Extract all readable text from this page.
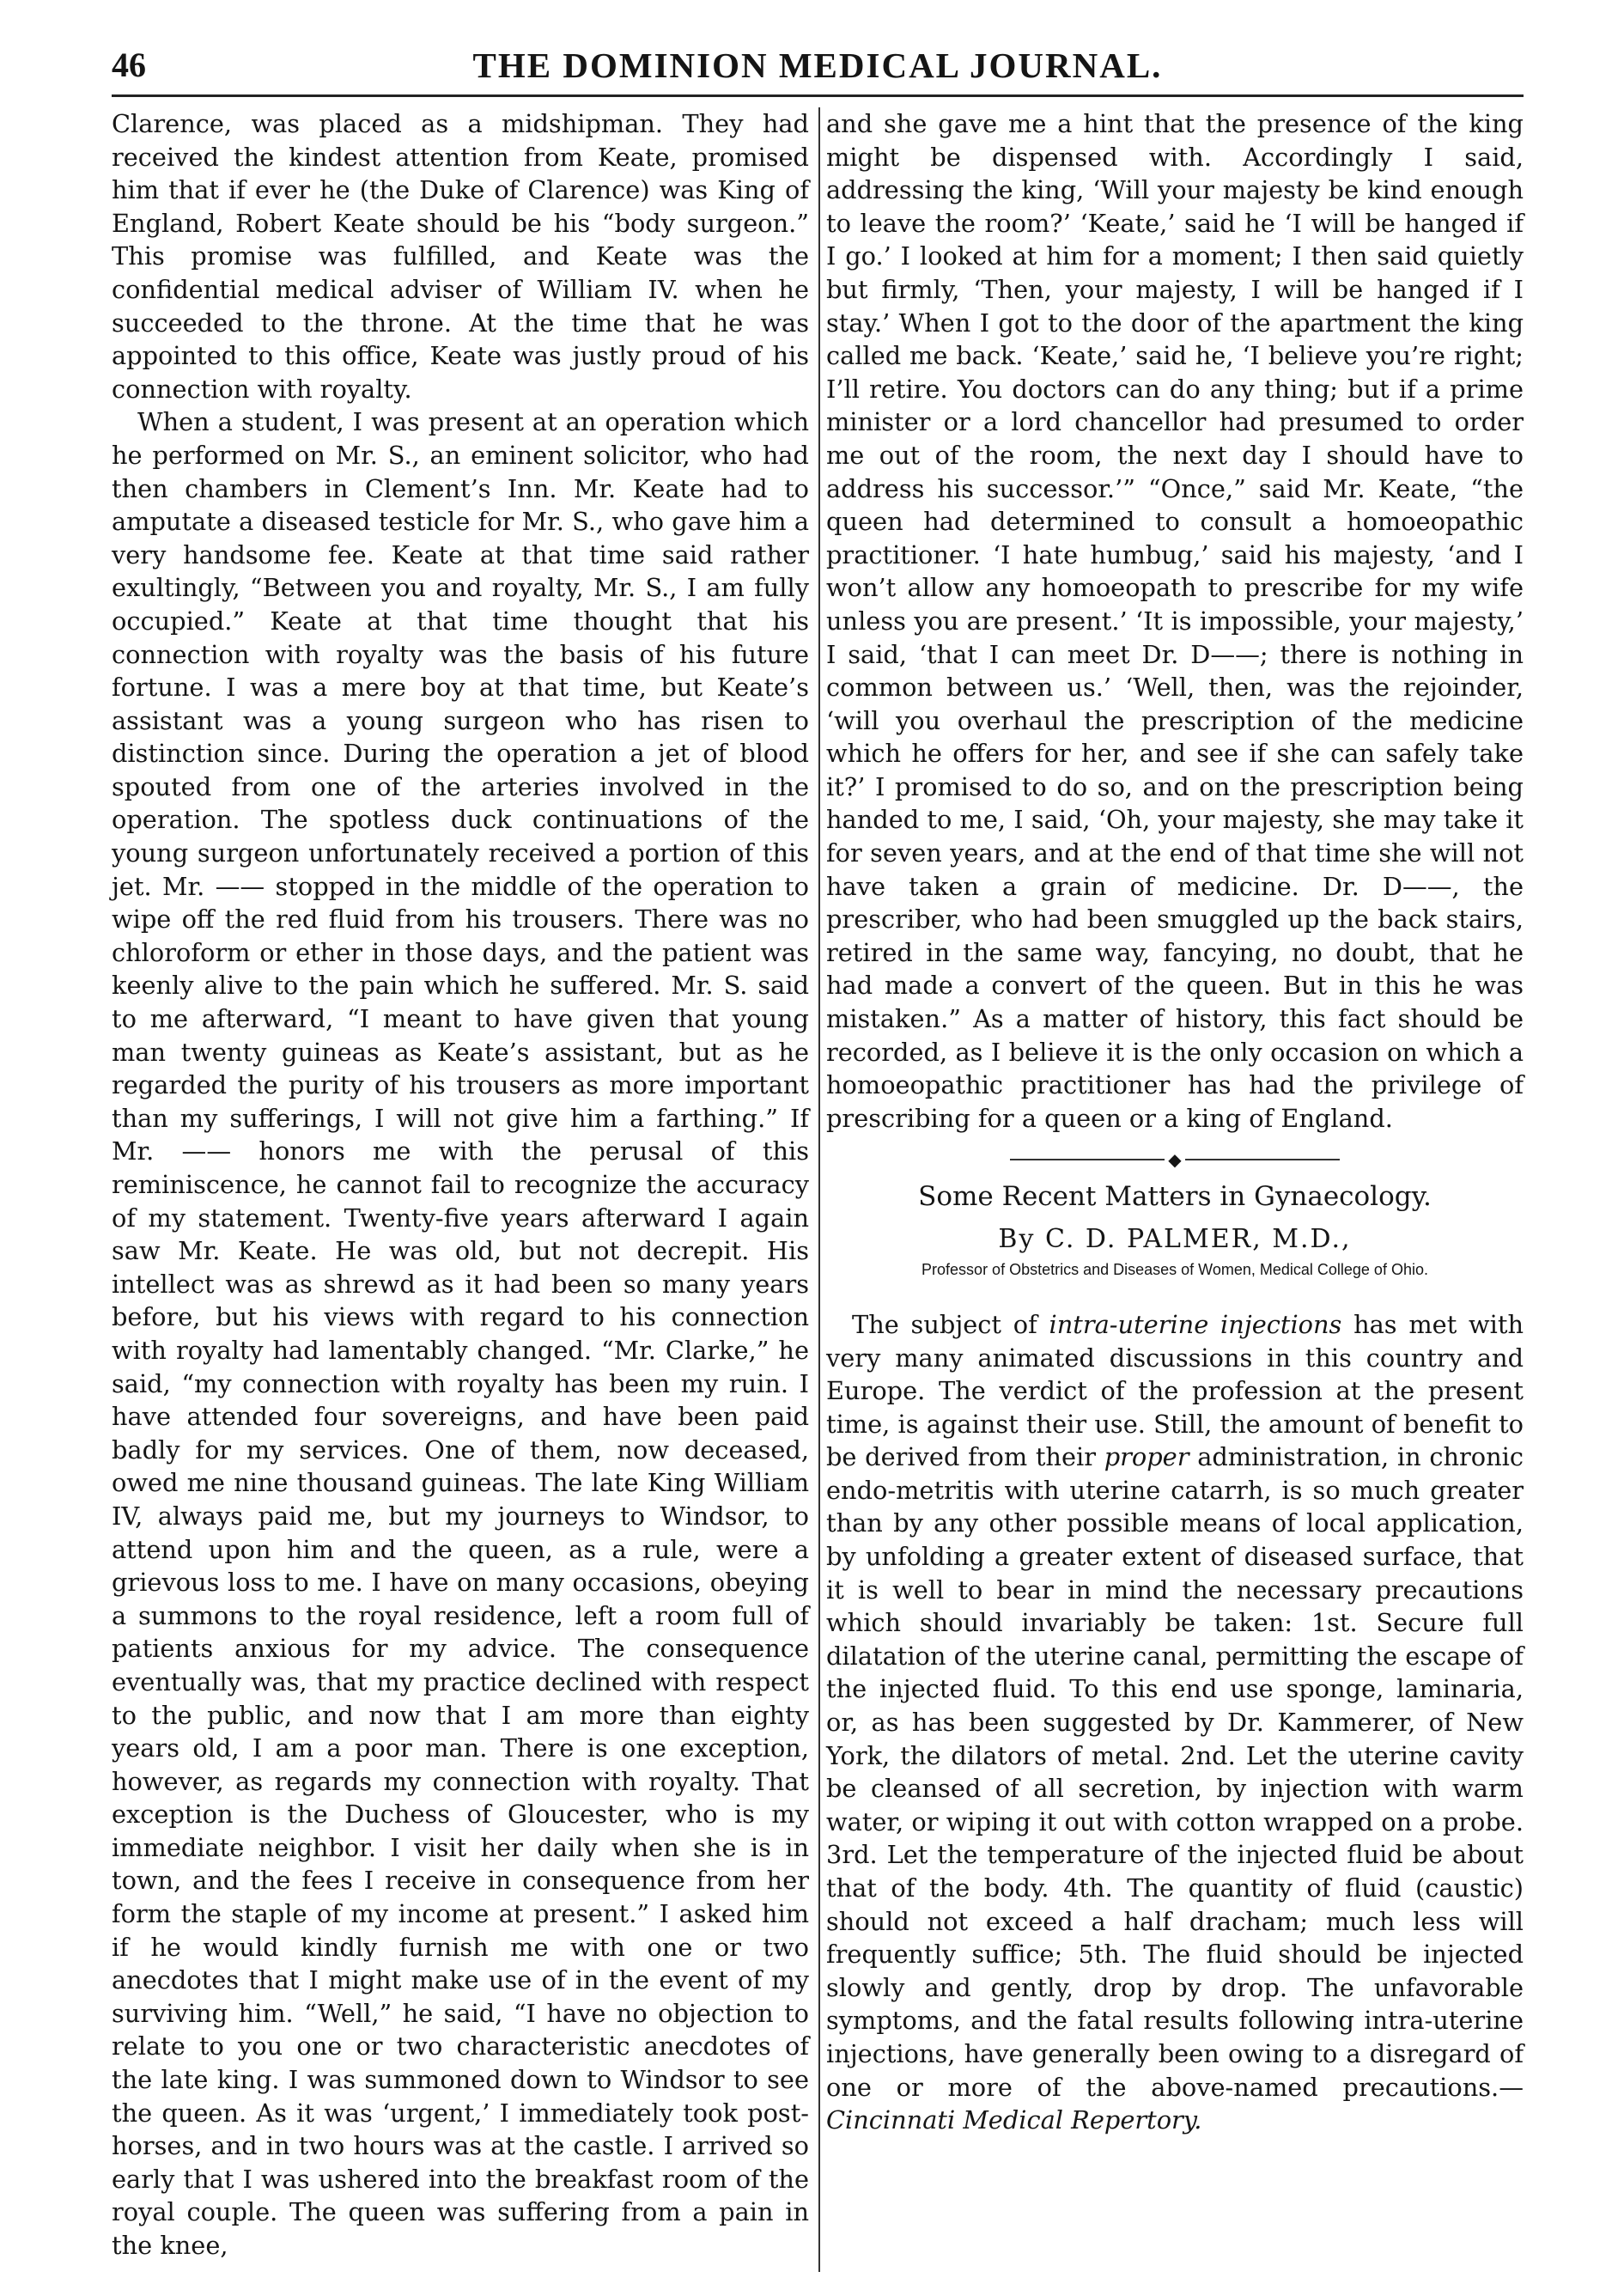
46	THE DOMINION MEDICAL JOURNAL.

Clarence, was placed as a midshipman. They had received the kindest attention from Keate, promised him that if ever he (the Duke of Clarence) was King of England, Robert Keate should be his “body surgeon.” This promise was fulfilled, and Keate was the confidential medical adviser of William IV. when he succeeded to the throne. At the time that he was appointed to this office, Keate was justly proud of his connection with royalty.

When a student, I was present at an operation which he performed on Mr. S., an eminent solicitor, who had then chambers in Clement’s Inn. Mr. Keate had to amputate a diseased testicle for Mr. S., who gave him a very handsome fee. Keate at that time said rather exultingly, “Between you and royalty, Mr. S., I am fully occupied.” Keate at that time thought that his connection with royalty was the basis of his future fortune. I was a mere boy at that time, but Keate’s assistant was a young surgeon who has risen to distinction since. During the operation a jet of blood spouted from one of the arteries involved in the operation. The spotless duck continuations of the young surgeon unfortunately received a portion of this jet. Mr. —— stopped in the middle of the operation to wipe off the red fluid from his trousers. There was no chloroform or ether in those days, and the patient was keenly alive to the pain which he suffered. Mr. S. said to me afterward, “I meant to have given that young man twenty guineas as Keate’s assistant, but as he regarded the purity of his trousers as more important than my sufferings, I will not give him a farthing.” If Mr. —— honors me with the perusal of this reminiscence, he cannot fail to recognize the accuracy of my statement. Twenty-five years afterward I again saw Mr. Keate. He was old, but not decrepit. His intellect was as shrewd as it had been so many years before, but his views with regard to his connection with royalty had lamentably changed. “Mr. Clarke,” he said, “my connection with royalty has been my ruin. I have attended four sovereigns, and have been paid badly for my services. One of them, now deceased, owed me nine thousand guineas. The late King William IV, always paid me, but my journeys to Windsor, to attend upon him and the queen, as a rule, were a grievous loss to me. I have on many occasions, obeying a summons to the royal residence, left a room full of patients anxious for my advice. The consequence eventually was, that my practice declined with respect to the public, and now that I am more than eighty years old, I am a poor man. There is one exception, however, as regards my connection with royalty. That exception is the Duchess of Gloucester, who is my immediate neighbor. I visit her daily when she is in town, and the fees I receive in consequence from her form the staple of my income at present.” I asked him if he would kindly furnish me with one or two anecdotes that I might make use of in the event of my surviving him. “Well,” he said, “I have no objection to relate to you one or two characteristic anecdotes of the late king. I was summoned down to Windsor to see the queen. As it was ‘urgent,’ I immediately took post-horses, and in two hours was at the castle. I arrived so early that I was ushered into the breakfast room of the royal couple. The queen was suffering from a pain in the knee,

and she gave me a hint that the presence of the king might be dispensed with. Accordingly I said, addressing the king, ‘Will your majesty be kind enough to leave the room?’ ‘Keate,’ said he ‘I will be hanged if I go.’ I looked at him for a moment; I then said quietly but firmly, ‘Then, your majesty, I will be hanged if I stay.’ When I got to the door of the apartment the king called me back. ‘Keate,’ said he, ‘I believe you’re right; I’ll retire. You doctors can do any thing; but if a prime minister or a lord chancellor had presumed to order me out of the room, the next day I should have to address his successor.’” “Once,” said Mr. Keate, “the queen had determined to consult a homoeopathic practitioner. ‘I hate humbug,’ said his majesty, ‘and I won’t allow any homoeopath to prescribe for my wife unless you are present.’ ‘It is impossible, your majesty,’ I said, ‘that I can meet Dr. D——; there is nothing in common between us.’ ‘Well, then, was the rejoinder, ‘will you overhaul the prescription of the medicine which he offers for her, and see if she can safely take it?’ I promised to do so, and on the prescription being handed to me, I said, ‘Oh, your majesty, she may take it for seven years, and at the end of that time she will not have taken a grain of medicine. Dr. D——, the prescriber, who had been smuggled up the back stairs, retired in the same way, fancying, no doubt, that he had made a convert of the queen. But in this he was mistaken.” As a matter of history, this fact should be recorded, as I believe it is the only occasion on which a homoeopathic practitioner has had the privilege of prescribing for a queen or a king of England.

◆
Some Recent Matters in Gynaecology.
By C. D. PALMER, M.D.,
Professor of Obstetrics and Diseases of Women, Medical College of Ohio.

The subject of intra-uterine injections has met with very many animated discussions in this country and Europe. The verdict of the profession at the present time, is against their use. Still, the amount of benefit to be derived from their proper administration, in chronic endo-metritis with uterine catarrh, is so much greater than by any other possible means of local application, by unfolding a greater extent of diseased surface, that it is well to bear in mind the necessary precautions which should invariably be taken: 1st. Secure full dilatation of the uterine canal, permitting the escape of the injected fluid. To this end use sponge, laminaria, or, as has been suggested by Dr. Kammerer, of New York, the dilators of metal. 2nd. Let the uterine cavity be cleansed of all secretion, by injection with warm water, or wiping it out with cotton wrapped on a probe. 3rd. Let the temperature of the injected fluid be about that of the body. 4th. The quantity of fluid (caustic) should not exceed a half dracham; much less will frequently suffice; 5th. The fluid should be injected slowly and gently, drop by drop. The unfavorable symptoms, and the fatal results following intra-uterine injections, have generally been owing to a disregard of one or more of the above-named precautions.—Cincinnati Medical Repertory.
